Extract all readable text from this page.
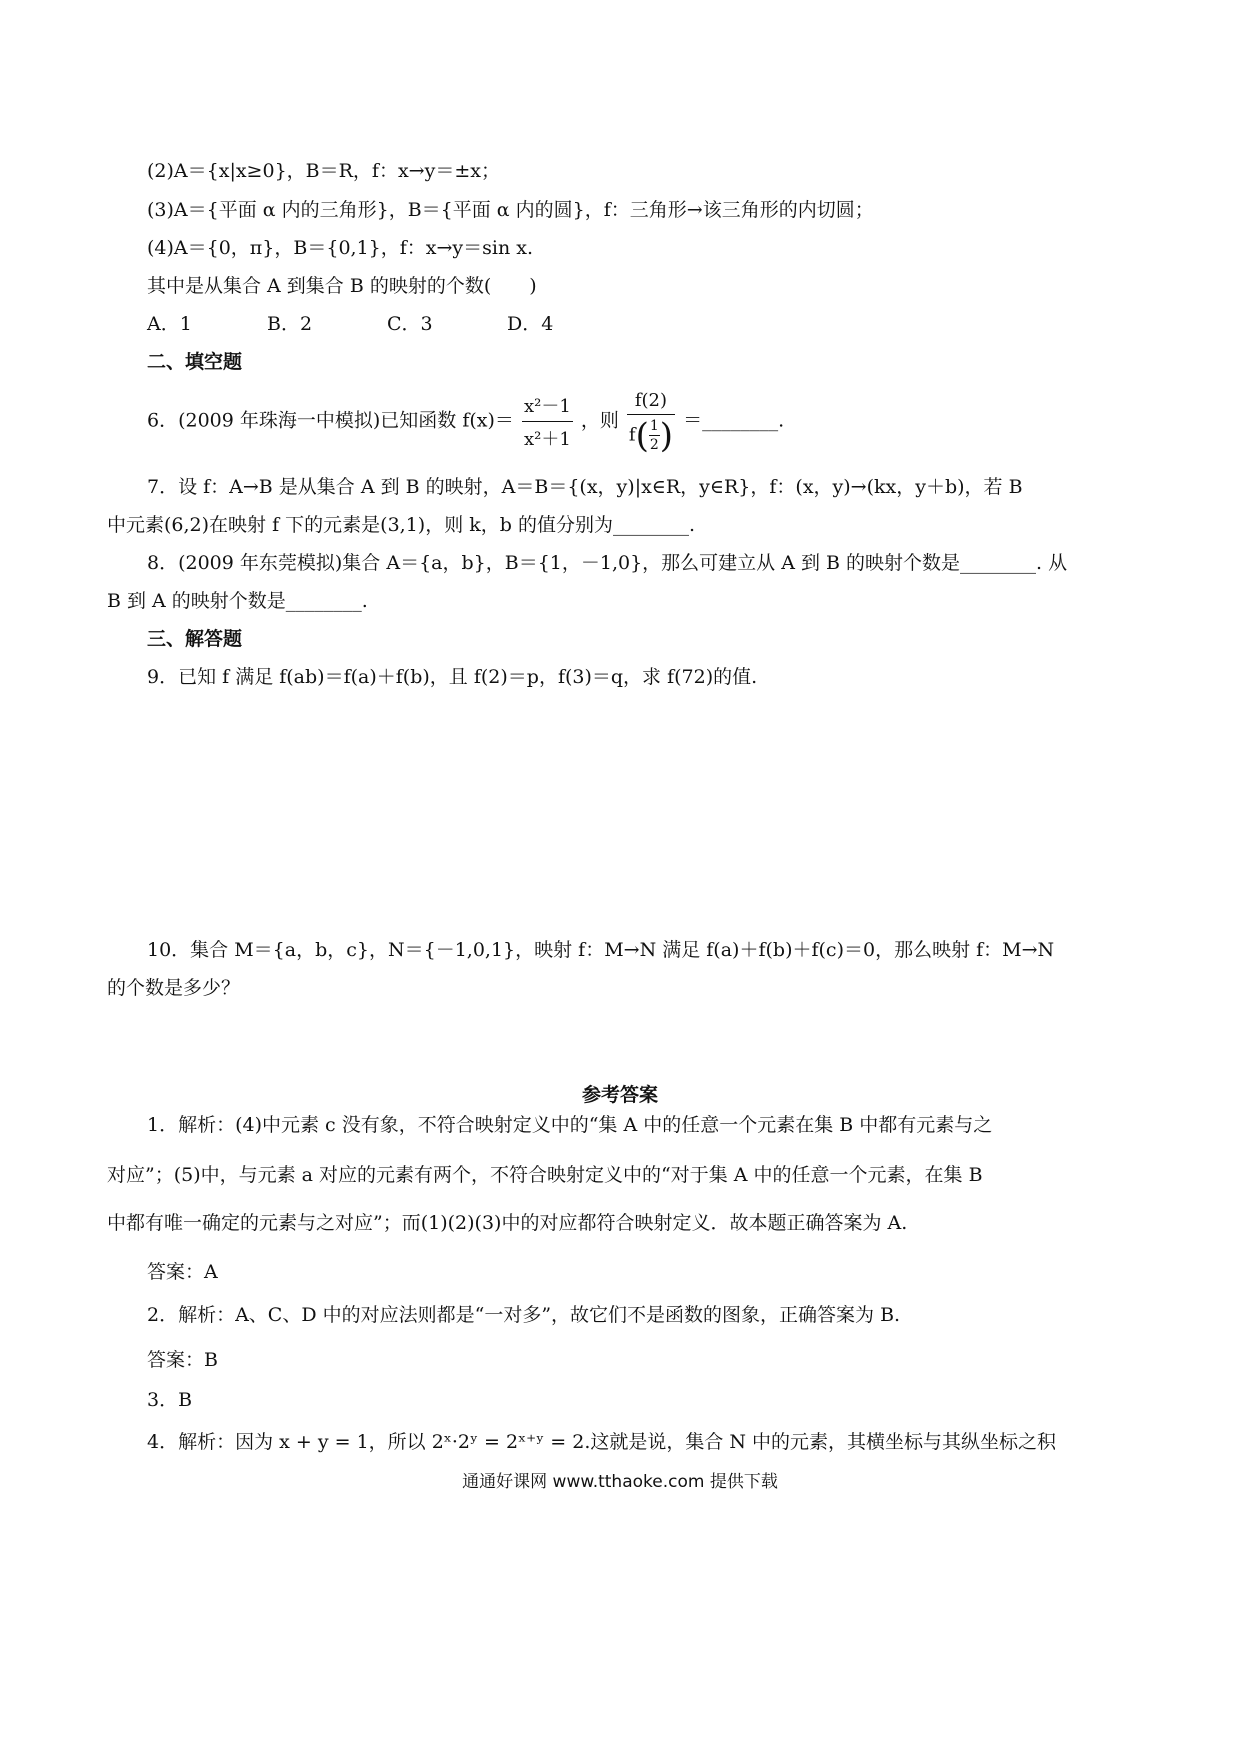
(2)A＝{x|x≥0}，B＝R，f：x→y＝±x；
(3)A＝{平面 α 内的三角形}，B＝{平面 α 内的圆}，f：三角形→该三角形的内切圆；
(4)A＝{0，π}，B＝{0,1}，f：x→y＝sin x.
其中是从集合 A 到集合 B 的映射的个数(　　)
A．1	B．2	C．3	D．4
二、填空题
6．(2009 年珠海一中模拟)已知函数 $f(x)= \frac{\text{x²－1}}{\text{x²＋1}}$ ，则 $\frac{f(2)}{f( \frac{1}{2} )}$ ＝________.
7．设 f：A→B 是从集合 A 到 B 的映射，A＝B＝{(x，y)|x∈R，y∈R}，f：(x，y)→(kx，y＋b)，若 B
中元素(6,2)在映射 f 下的元素是(3,1)，则 k，b 的值分别为________.
8．(2009 年东莞模拟)集合 A＝{a，b}，B＝{1，－1,0}，那么可建立从 A 到 B 的映射个数是________. 从
B 到 A 的映射个数是________.
三、解答题
9．已知 f 满足 f(ab)＝f(a)＋f(b)，且 f(2)＝p，f(3)＝q，求 f(72)的值.
10．集合 M＝{a，b，c}，N＝{－1,0,1}，映射 f：M→N 满足 f(a)＋f(b)＋f(c)＝0，那么映射 f：M→N
的个数是多少？
参考答案
1．解析：(4)中元素 c 没有象，不符合映射定义中的“集 A 中的任意一个元素在集 B 中都有元素与之
对应”；(5)中，与元素 a 对应的元素有两个，不符合映射定义中的“对于集 A 中的任意一个元素，在集 B
中都有唯一确定的元素与之对应”；而(1)(2)(3)中的对应都符合映射定义．故本题正确答案为 A.
答案：A
2．解析：A、C、D 中的对应法则都是“一对多”，故它们不是函数的图象，正确答案为 B.
答案：B
3．B
4．解析：因为 x + y = 1，所以 2ˣ·2ʸ = 2ˣ⁺ʸ = 2.这就是说，集合 N 中的元素，其横坐标与其纵坐标之积
通通好课网 www.tthaoke.com 提供下载
